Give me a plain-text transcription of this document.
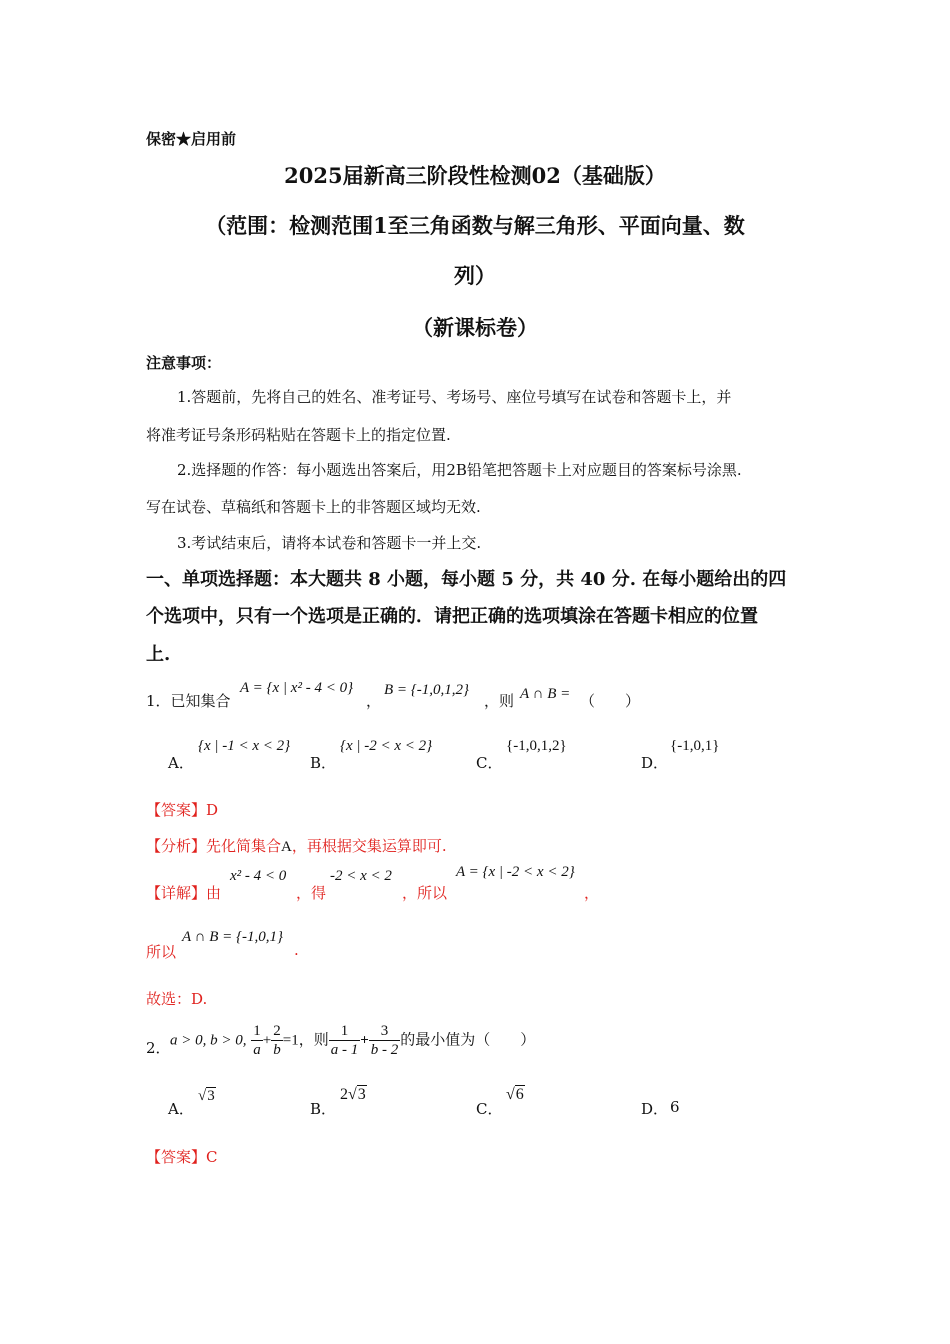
保密★启用前
2025届新高三阶段性检测02（基础版）
（范围：检测范围1至三角函数与解三角形、平面向量、数
列）
（新课标卷）
注意事项：
1.答题前，先将自己的姓名、准考证号、考场号、座位号填写在试卷和答题卡上，并
将准考证号条形码粘贴在答题卡上的指定位置.
2.选择题的作答：每小题选出答案后，用2B铅笔把答题卡上对应题目的答案标号涂黑.
写在试卷、草稿纸和答题卡上的非答题区域均无效.
3.考试结束后，请将本试卷和答题卡一并上交.
一、单项选择题：本大题共 8 小题，每小题 5 分，共 40 分. 在每小题给出的四
个选项中，只有一个选项是正确的．请把正确的选项填涂在答题卡相应的位置
上.
1．已知集合
A = {x | x² - 4 < 0}
，
B = {-1,0,1,2}
，则 A ∩ B = （　　）
A．
{x | -1 < x < 2}
B．
{x | -2 < x < 2}
C．
{-1,0,1,2}
D．
{-1,0,1}
【答案】D
【分析】先化简集合A，再根据交集运算即可.
【详解】由
x² - 4 < 0
，得
-2 < x < 2
，所以
A = {x | -2 < x < 2}
，
所以
A ∩ B = {-1,0,1}
.
故选：D.
2． a > 0, b > 0, $\frac{1}{a} + \frac{2}{b} =1$，则 $\frac{1}{a - 1} + \frac{3}{b - 2}$ 的最小值为（　　）
A．
√3
B．
2√3
C．
√6
D． 6
【答案】C
